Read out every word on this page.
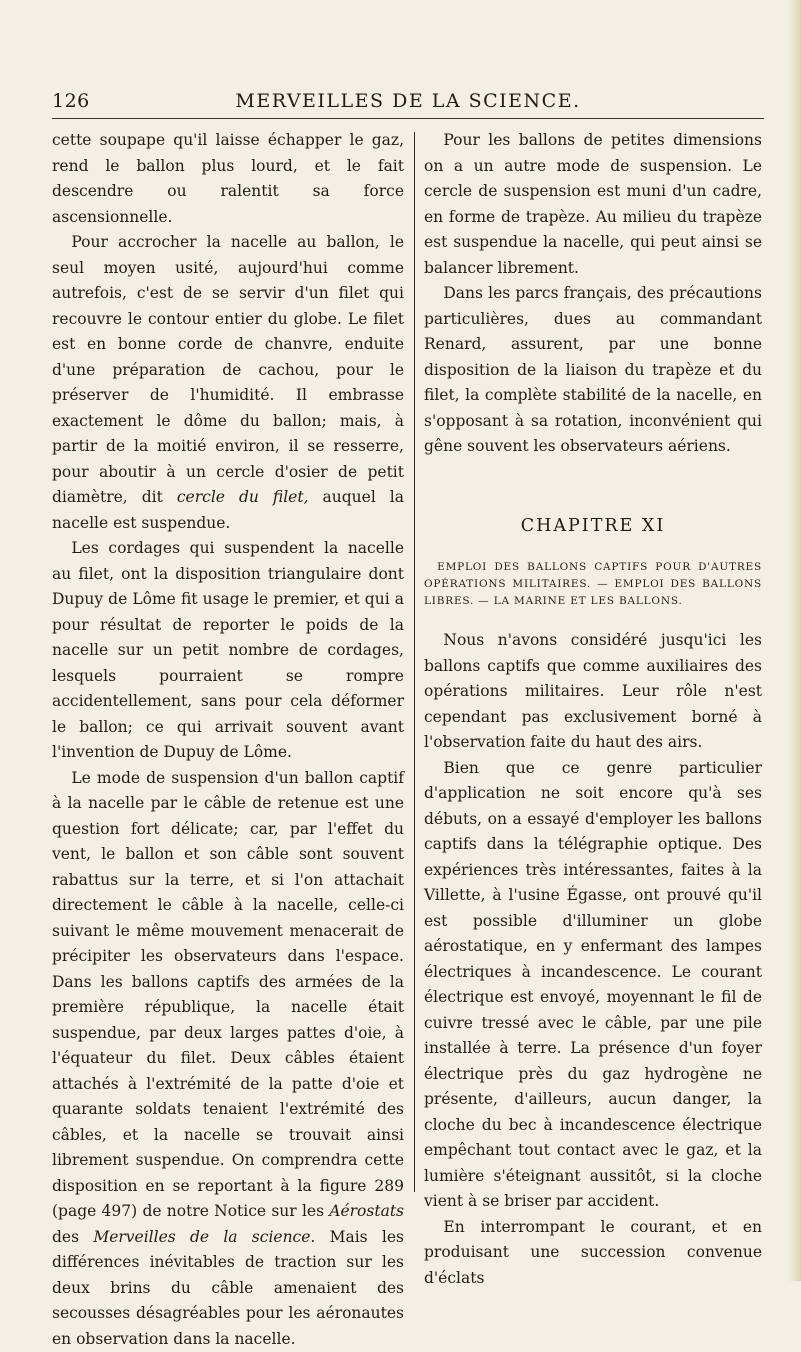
126	MERVEILLES DE LA SCIENCE.

cette soupape qu'il laisse échapper le gaz, rend le ballon plus lourd, et le fait descendre ou ralentit sa force ascensionnelle.

Pour accrocher la nacelle au ballon, le seul moyen usité, aujourd'hui comme autrefois, c'est de se servir d'un filet qui recouvre le contour entier du globe. Le filet est en bonne corde de chanvre, enduite d'une préparation de cachou, pour le préserver de l'humidité. Il embrasse exactement le dôme du ballon; mais, à partir de la moitié environ, il se resserre, pour aboutir à un cercle d'osier de petit diamètre, dit cercle du filet, auquel la nacelle est suspendue.

Les cordages qui suspendent la nacelle au filet, ont la disposition triangulaire dont Dupuy de Lôme fit usage le premier, et qui a pour résultat de reporter le poids de la nacelle sur un petit nombre de cordages, lesquels pourraient se rompre accidentellement, sans pour cela déformer le ballon; ce qui arrivait souvent avant l'invention de Dupuy de Lôme.

Le mode de suspension d'un ballon captif à la nacelle par le câble de retenue est une question fort délicate; car, par l'effet du vent, le ballon et son câble sont souvent rabattus sur la terre, et si l'on attachait directement le câble à la nacelle, celle-ci suivant le même mouvement menacerait de précipiter les observateurs dans l'espace. Dans les ballons captifs des armées de la première république, la nacelle était suspendue, par deux larges pattes d'oie, à l'équateur du filet. Deux câbles étaient attachés à l'extrémité de la patte d'oie et quarante soldats tenaient l'extrémité des câbles, et la nacelle se trouvait ainsi librement suspendue. On comprendra cette disposition en se reportant à la figure 289 (page 497) de notre Notice sur les Aérostats des Merveilles de la science. Mais les différences inévitables de traction sur les deux brins du câble amenaient des secousses désagréables pour les aéronautes en observation dans la nacelle.

Pour les ballons de petites dimensions on a un autre mode de suspension. Le cercle de suspension est muni d'un cadre, en forme de trapèze. Au milieu du trapèze est suspendue la nacelle, qui peut ainsi se balancer librement.

Dans les parcs français, des précautions particulières, dues au commandant Renard, assurent, par une bonne disposition de la liaison du trapèze et du filet, la complète stabilité de la nacelle, en s'opposant à sa rotation, inconvénient qui gêne souvent les observateurs aériens.

CHAPITRE XI
EMPLOI DES BALLONS CAPTIFS POUR D'AUTRES OPÉRATIONS MILITAIRES. — EMPLOI DES BALLONS LIBRES. — LA MARINE ET LES BALLONS.

Nous n'avons considéré jusqu'ici les ballons captifs que comme auxiliaires des opérations militaires. Leur rôle n'est cependant pas exclusivement borné à l'observation faite du haut des airs.

Bien que ce genre particulier d'application ne soit encore qu'à ses débuts, on a essayé d'employer les ballons captifs dans la télégraphie optique. Des expériences très intéressantes, faites à la Villette, à l'usine Égasse, ont prouvé qu'il est possible d'illuminer un globe aérostatique, en y enfermant des lampes électriques à incandescence. Le courant électrique est envoyé, moyennant le fil de cuivre tressé avec le câble, par une pile installée à terre. La présence d'un foyer électrique près du gaz hydrogène ne présente, d'ailleurs, aucun danger, la cloche du bec à incandescence électrique empêchant tout contact avec le gaz, et la lumière s'éteignant aussitôt, si la cloche vient à se briser par accident.

En interrompant le courant, et en produisant une succession convenue d'éclats
